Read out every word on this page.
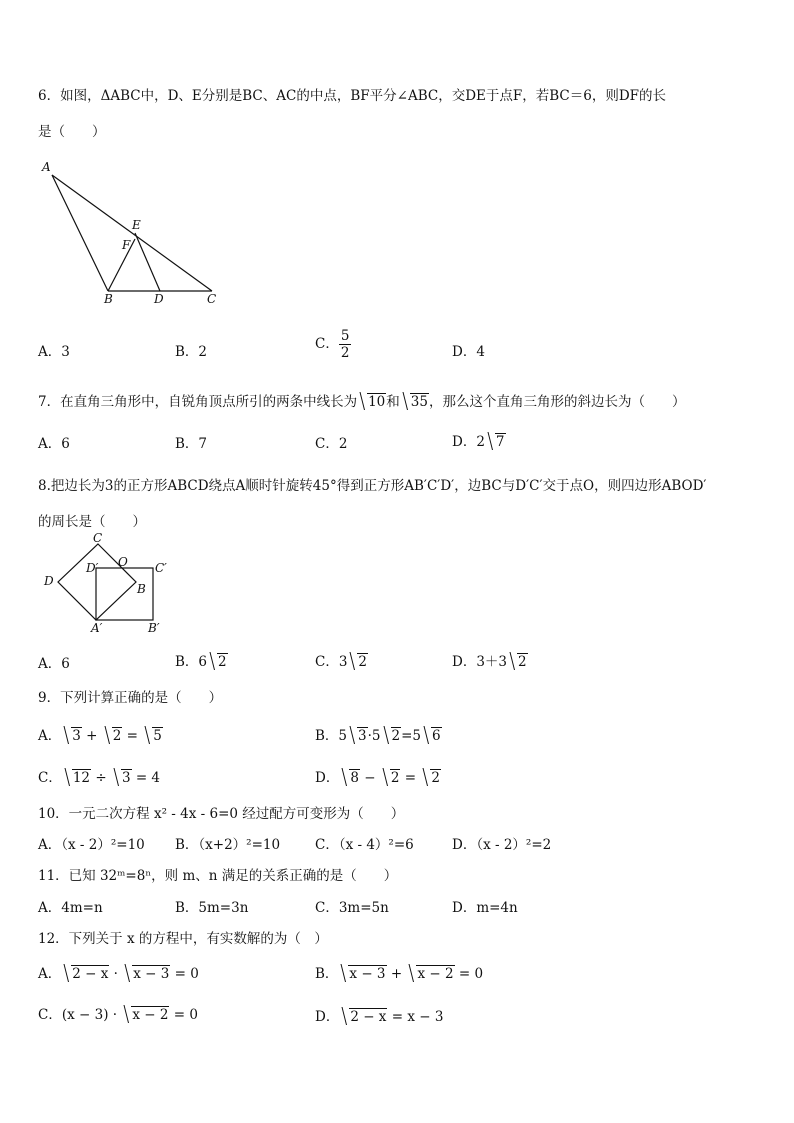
6．如图，ΔABC中，D、E分别是BC、AC的中点，BF平分∠ABC，交DE于点F，若BC＝6，则DF的长
是（　　）
A
E
F
B	D	C
A．3	B．2	C． $\frac{5}{2}$	D．4
7．在直角三角形中，自锐角顶点所引的两条中线长为 10和 35，那么这个直角三角形的斜边长为（　　）
A．6	B．7	C．2	D．2 7
8.把边长为3的正方形ABCD绕点A顺时针旋转45°得到正方形AB′C′D′，边BC与D′C′交于点O，则四边形ABOD′
的周长是（　　）
C
D′ O C′
D
B
A′	B′
A．6	B．6 2	C．3 2	D．3＋3 2
9．下列计算正确的是（　　）
A． 3 + 2 = 5	B．5 3·5 2=5 6
C． 12 ÷ 3 = 4	D． 8 − 2 = 2
10．一元二次方程 x² - 4x - 6=0 经过配方可变形为（　　）
A．（x - 2）²=10 B．（x+2）²=10	C．（x - 4）²=6	D．（x - 2）²=2
11．已知 32ᵐ=8ⁿ，则 m、n 满足的关系正确的是（　　）
A．4m=n	B．5m=3n	C．3m=5n	D．m=4n
12．下列关于 x 的方程中，有实数解的为（　）
A． 2 − x · x − 3 = 0	B． x − 3 + x − 2 = 0
C．(x − 3) · x − 2 = 0	D． 2 − x = x − 3
